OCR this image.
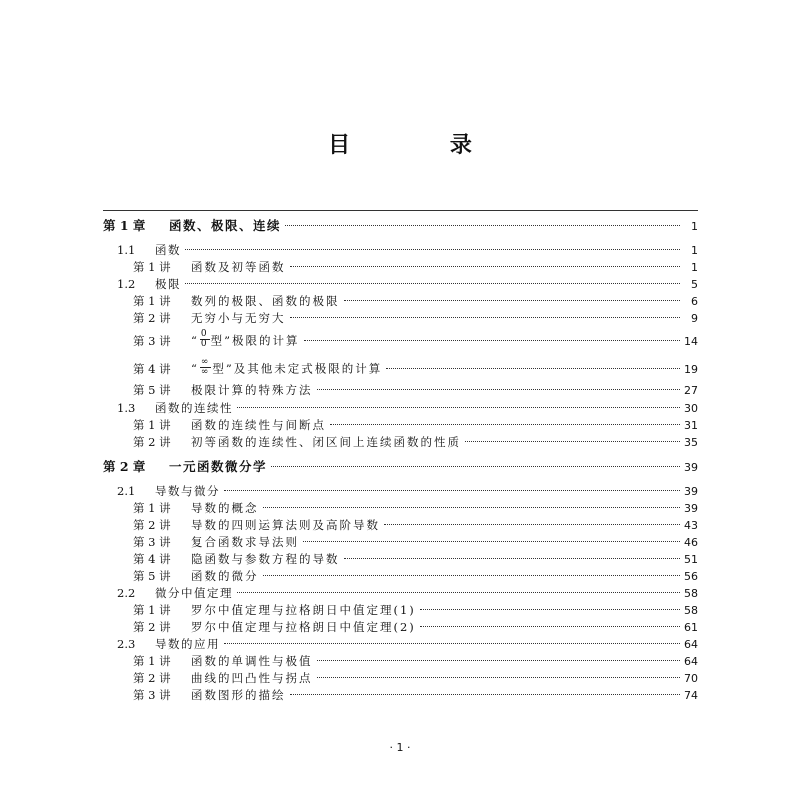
目 录
第 1 章	函数、极限、连续	1
1.1	函数	1
第 1 讲	函数及初等函数	1
1.2	极限	5
第 1 讲	数列的极限、函数的极限	6
第 2 讲	无穷小与无穷大	9
第 3 讲	“ $\frac{0}{0}$ 型”极限的计算	14
第 4 讲	“ $\frac{\infty}{\infty}$ 型”及其他未定式极限的计算	19
第 5 讲	极限计算的特殊方法	27
1.3	函数的连续性	30
第 1 讲	函数的连续性与间断点	31
第 2 讲	初等函数的连续性、闭区间上连续函数的性质	35
第 2 章	一元函数微分学	39
2.1	导数与微分	39
第 1 讲	导数的概念	39
第 2 讲	导数的四则运算法则及高阶导数	43
第 3 讲	复合函数求导法则	46
第 4 讲	隐函数与参数方程的导数	51
第 5 讲	函数的微分	56
2.2	微分中值定理	58
第 1 讲	罗尔中值定理与拉格朗日中值定理(1)	58
第 2 讲	罗尔中值定理与拉格朗日中值定理(2)	61
2.3	导数的应用	64
第 1 讲	函数的单调性与极值	64
第 2 讲	曲线的凹凸性与拐点	70
第 3 讲	函数图形的描绘	74
· 1 ·
